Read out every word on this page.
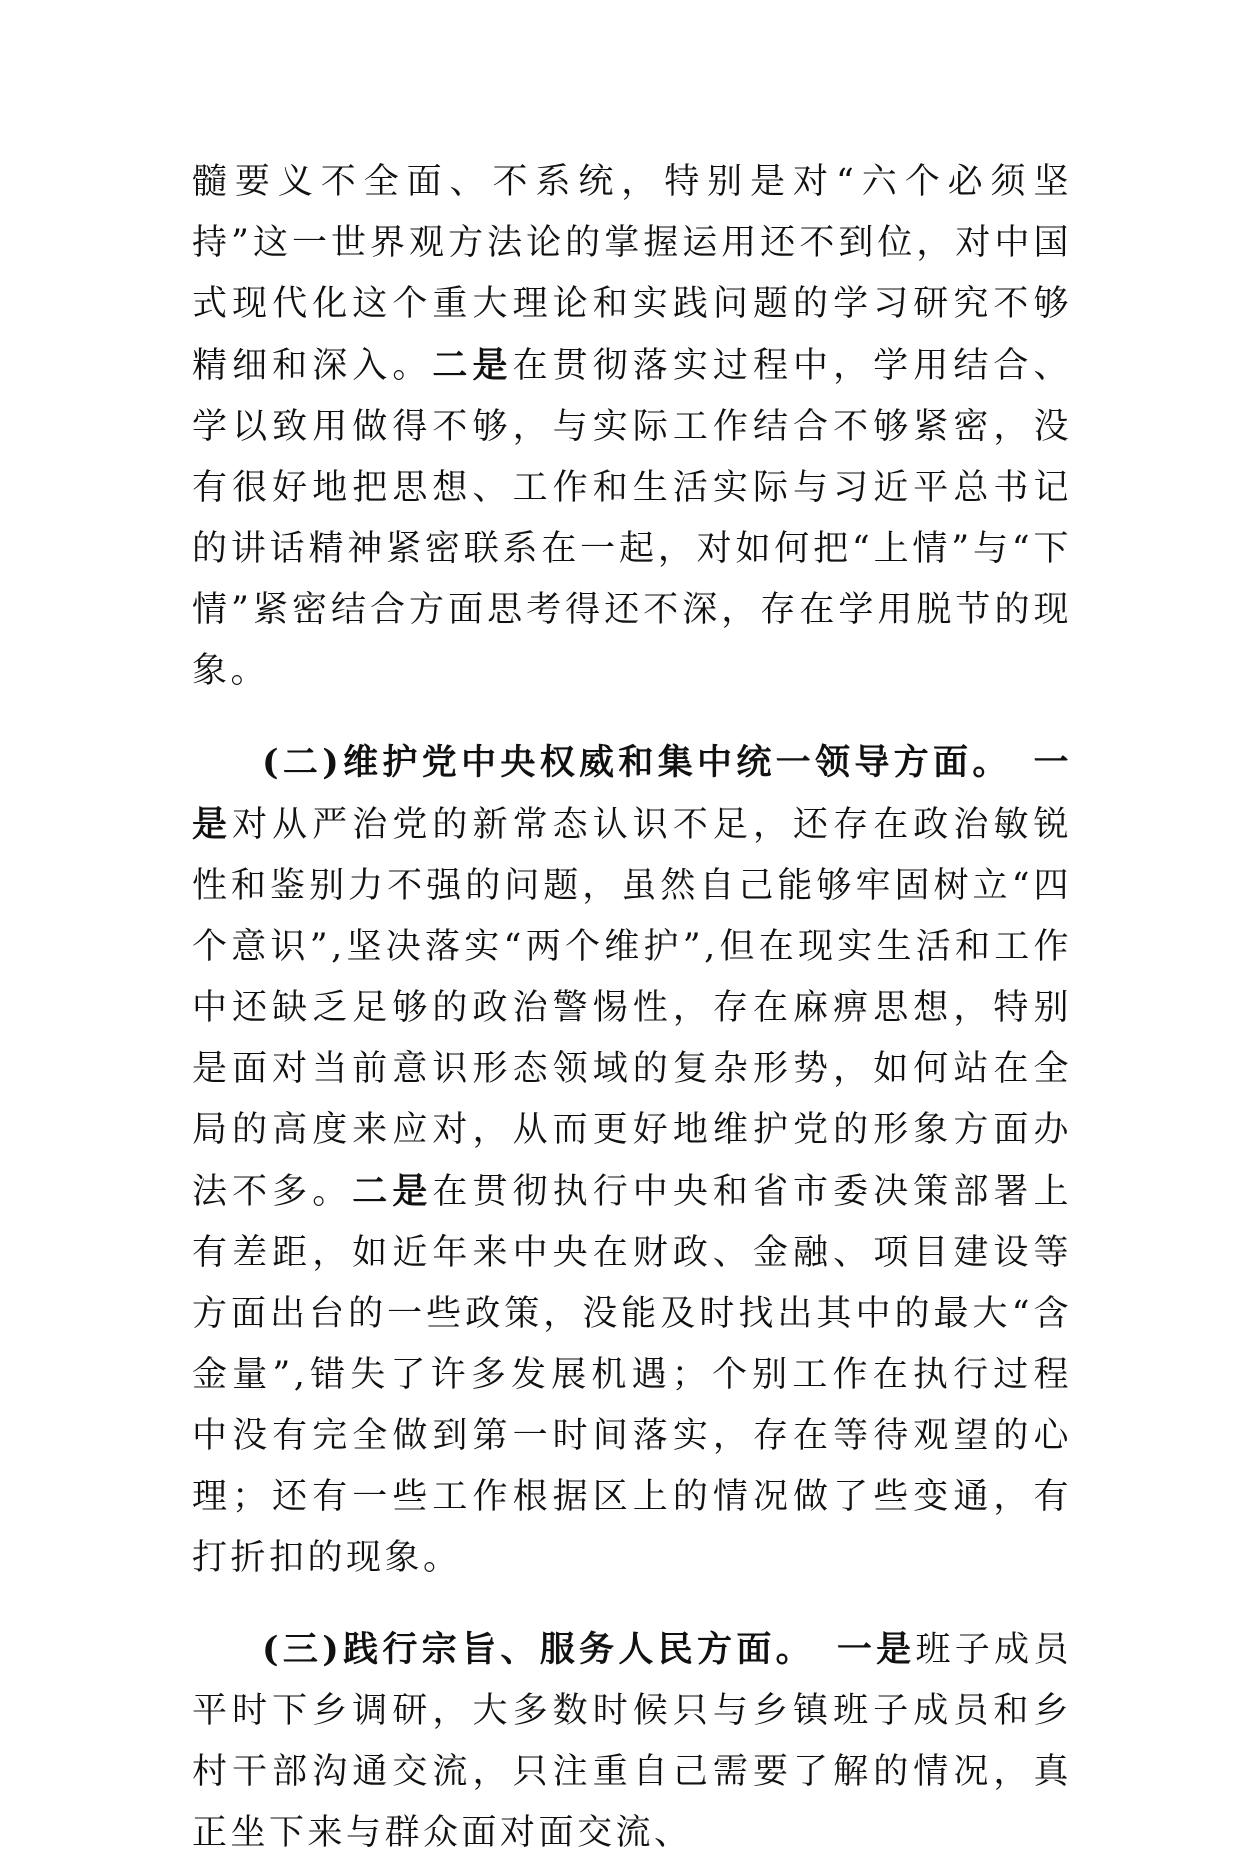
髓要义不全面、不系统，特别是对“六个必须坚持”这一世界观方法论的掌握运用还不到位，对中国式现代化这个重大理论和实践问题的学习研究不够精细和深入。二是在贯彻落实过程中，学用结合、学以致用做得不够，与实际工作结合不够紧密，没有很好地把思想、工作和生活实际与习近平总书记的讲话精神紧密联系在一起，对如何把“上情”与“下情”紧密结合方面思考得还不深，存在学用脱节的现象。

(二)维护党中央权威和集中统一领导方面。　 一是对从严治党的新常态认识不足，还存在政治敏锐性和鉴别力不强的问题，虽然自己能够牢固树立“四个意识”,坚决落实“两个维护”,但在现实生活和工作中还缺乏足够的政治警惕性，存在麻痹思想，特别是面对当前意识形态领域的复杂形势，如何站在全局的高度来应对，从而更好地维护党的形象方面办法不多。二是在贯彻执行中央和省市委决策部署上有差距，如近年来中央在财政、金融、项目建设等方面出台的一些政策，没能及时找出其中的最大“含金量”,错失了许多发展机遇；个别工作在执行过程中没有完全做到第一时间落实，存在等待观望的心理；还有一些工作根据区上的情况做了些变通，有打折扣的现象。

(三)践行宗旨、服务人民方面。　 一是班子成员平时下乡调研，大多数时候只与乡镇班子成员和乡村干部沟通交流，只注重自己需要了解的情况，真正坐下来与群众面对面交流、
